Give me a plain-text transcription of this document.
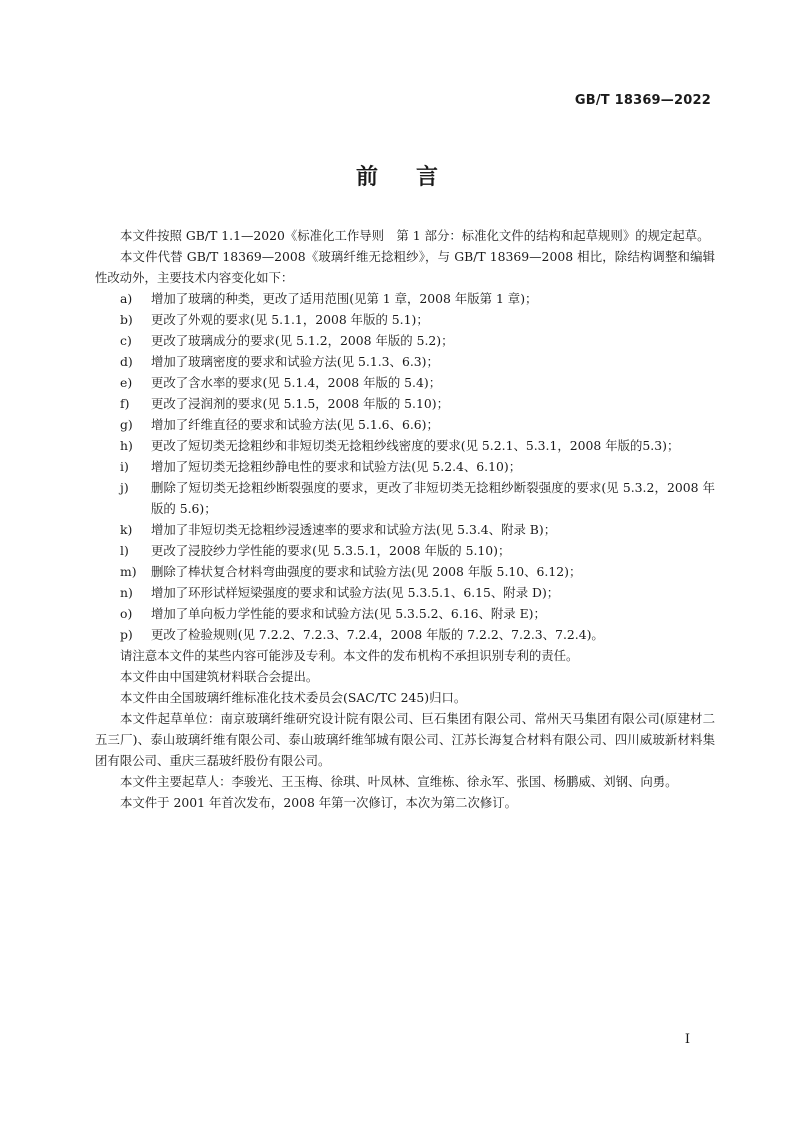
GB/T 18369—2022
前 言

本文件按照 GB/T 1.1—2020《标准化工作导则　第 1 部分：标准化文件的结构和起草规则》的规定起草。

本文件代替 GB/T 18369—2008《玻璃纤维无捻粗纱》，与 GB/T 18369—2008 相比，除结构调整和编辑性改动外，主要技术内容变化如下：

a) 增加了玻璃的种类，更改了适用范围(见第 1 章，2008 年版第 1 章)；
b) 更改了外观的要求(见 5.1.1，2008 年版的 5.1)；
c) 更改了玻璃成分的要求(见 5.1.2，2008 年版的 5.2)；
d) 增加了玻璃密度的要求和试验方法(见 5.1.3、6.3)；
e) 更改了含水率的要求(见 5.1.4，2008 年版的 5.4)；
f) 更改了浸润剂的要求(见 5.1.5，2008 年版的 5.10)；
g) 增加了纤维直径的要求和试验方法(见 5.1.6、6.6)；
h) 更改了短切类无捻粗纱和非短切类无捻粗纱线密度的要求(见 5.2.1、5.3.1，2008 年版的5.3)；
i) 增加了短切类无捻粗纱静电性的要求和试验方法(见 5.2.4、6.10)；
j) 删除了短切类无捻粗纱断裂强度的要求，更改了非短切类无捻粗纱断裂强度的要求(见 5.3.2，2008 年版的 5.6)；
k) 增加了非短切类无捻粗纱浸透速率的要求和试验方法(见 5.3.4、附录 B)；
l) 更改了浸胶纱力学性能的要求(见 5.3.5.1，2008 年版的 5.10)；
m) 删除了棒状复合材料弯曲强度的要求和试验方法(见 2008 年版 5.10、6.12)；
n) 增加了环形试样短梁强度的要求和试验方法(见 5.3.5.1、6.15、附录 D)；
o) 增加了单向板力学性能的要求和试验方法(见 5.3.5.2、6.16、附录 E)；
p) 更改了检验规则(见 7.2.2、7.2.3、7.2.4，2008 年版的 7.2.2、7.2.3、7.2.4)。

请注意本文件的某些内容可能涉及专利。本文件的发布机构不承担识别专利的责任。

本文件由中国建筑材料联合会提出。

本文件由全国玻璃纤维标准化技术委员会(SAC/TC 245)归口。

本文件起草单位：南京玻璃纤维研究设计院有限公司、巨石集团有限公司、常州天马集团有限公司(原建材二五三厂)、泰山玻璃纤维有限公司、泰山玻璃纤维邹城有限公司、江苏长海复合材料有限公司、四川威玻新材料集团有限公司、重庆三磊玻纤股份有限公司。

本文件主要起草人：李骏光、王玉梅、徐琪、叶凤林、宣维栋、徐永军、张国、杨鹏威、刘钢、向勇。

本文件于 2001 年首次发布，2008 年第一次修订，本次为第二次修订。

I
